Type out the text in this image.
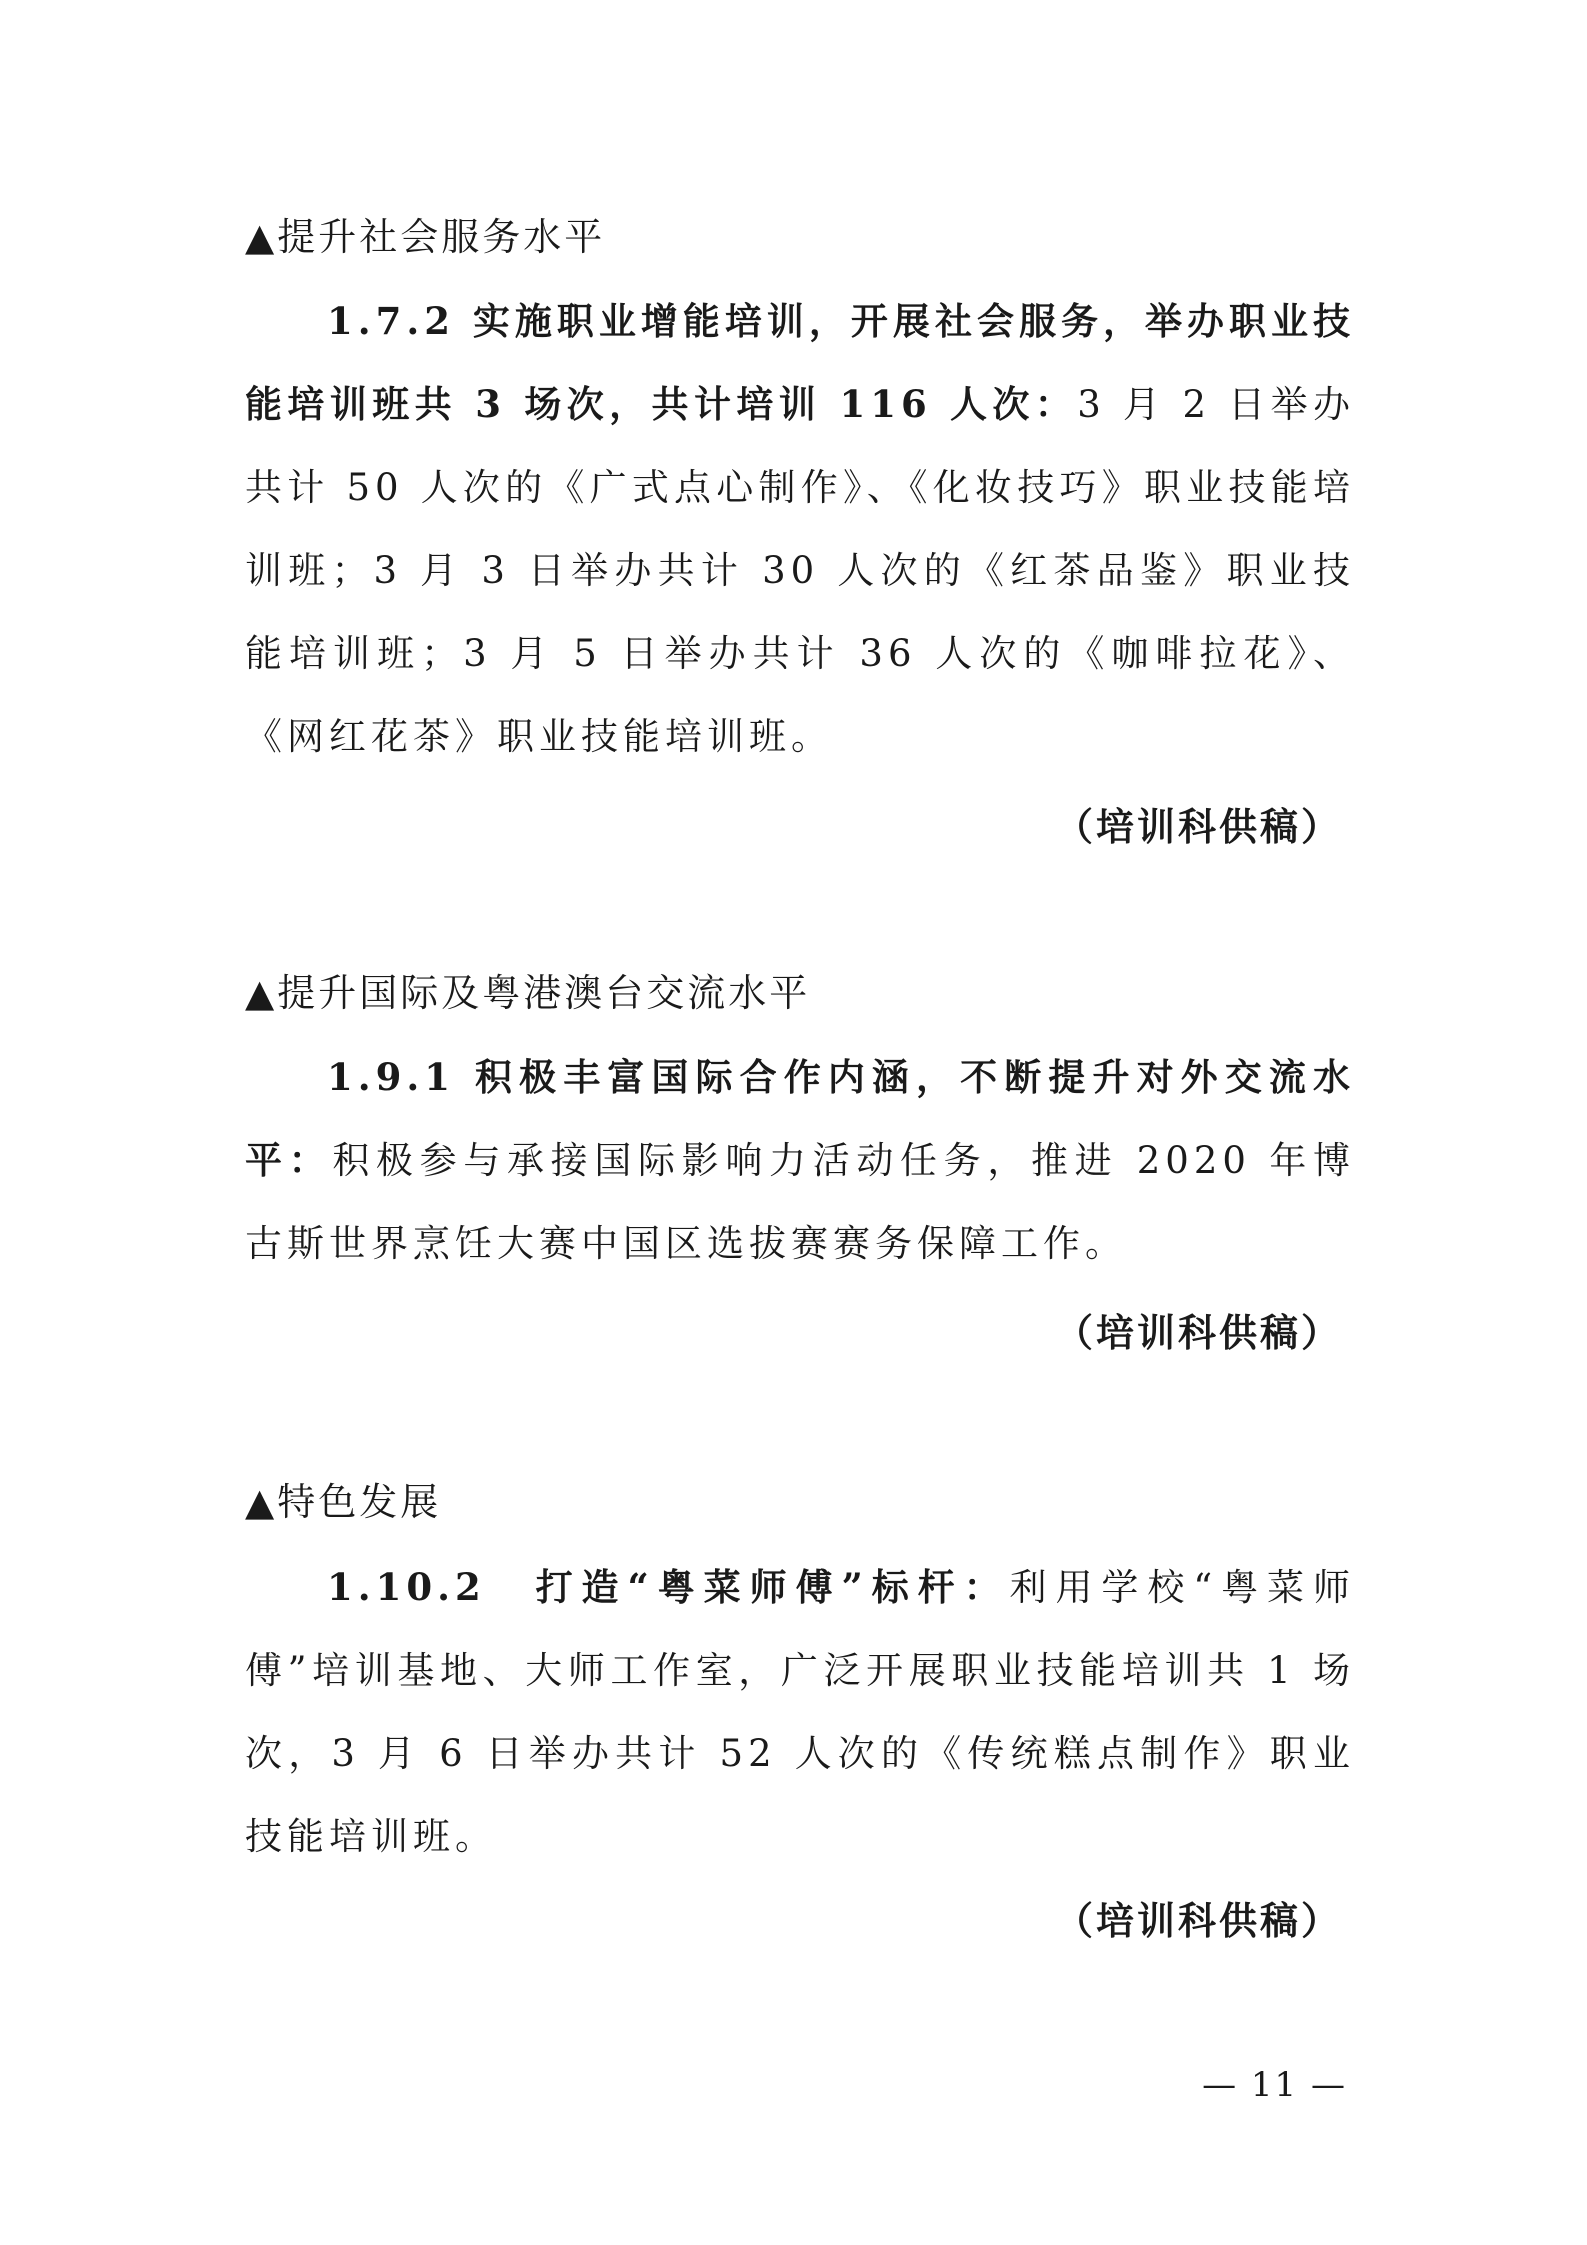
▲提升社会服务水平

1.7.2 实施职业增能培训，开展社会服务，举办职业技能培训班共 3 场次，共计培训 116 人次：3 月 2 日举办共计 50 人次的《广式点心制作》、《化妆技巧》职业技能培训班；3 月 3 日举办共计 30 人次的《红茶品鉴》职业技能培训班；3 月 5 日举办共计 36 人次的《咖啡拉花》、《网红花茶》职业技能培训班。

（培训科供稿）

▲提升国际及粤港澳台交流水平

1.9.1 积极丰富国际合作内涵，不断提升对外交流水平：积极参与承接国际影响力活动任务，推进 2020 年博古斯世界烹饪大赛中国区选拔赛赛务保障工作。

（培训科供稿）

▲特色发展

1.10.2　打造“粤菜师傅”标杆：利用学校“粤菜师傅”培训基地、大师工作室，广泛开展职业技能培训共 1 场次，3 月 6 日举办共计 52 人次的《传统糕点制作》职业技能培训班。

（培训科供稿）

— 11 —
